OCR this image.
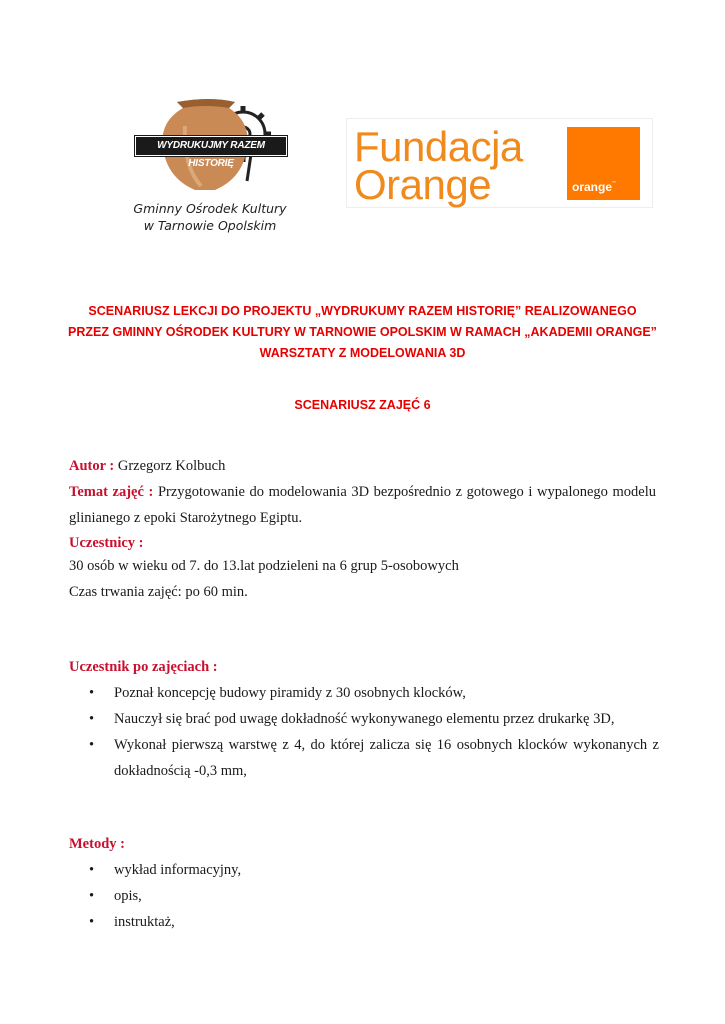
WYDRUKUJMY RAZEM HISTORIĘ
Gminny Ośrodek Kultury
w Tarnowie Opolskim
Fundacja
Orange	orange™
SCENARIUSZ LEKCJI DO PROJEKTU „WYDRUKUMY RAZEM HISTORIĘ” REALIZOWANEGO
PRZEZ GMINNY OŚRODEK KULTURY W TARNOWIE OPOLSKIM W RAMACH „AKADEMII ORANGE”
WARSZTATY Z MODELOWANIA 3D
SCENARIUSZ ZAJĘĆ 6
Autor : Grzegorz Kolbuch
Temat zajęć : Przygotowanie do modelowania 3D bezpośrednio z gotowego i wypalonego modelu glinianego z epoki Starożytnego Egiptu.
Uczestnicy :
30 osób w wieku od 7. do 13.lat podzieleni na 6 grup 5-osobowych
Czas trwania zajęć: po 60 min.
Uczestnik po zajęciach :
• Poznał koncepcję budowy piramidy z 30 osobnych klocków,
• Nauczył się brać pod uwagę dokładność wykonywanego elementu przez drukarkę 3D,
• Wykonał pierwszą warstwę z 4, do której zalicza się 16 osobnych klocków wykonanych z dokładnością -0,3 mm,
Metody :
• wykład informacyjny,
• opis,
• instruktaż,
